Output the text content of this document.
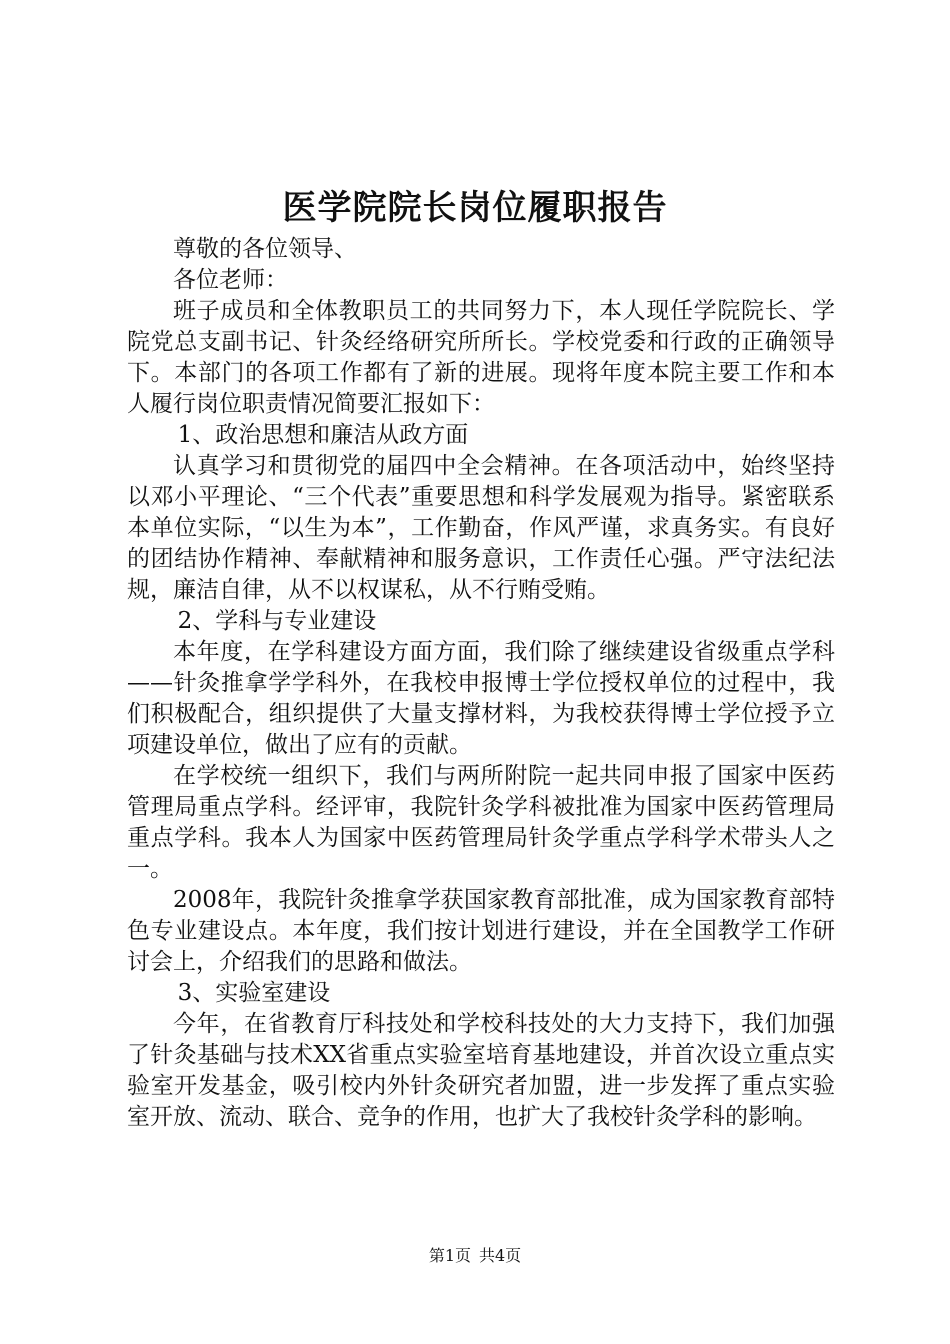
医学院院长岗位履职报告

尊敬的各位领导、

各位老师：

班子成员和全体教职员工的共同努力下，本人现任学院院长、学院党总支副书记、针灸经络研究所所长。学校党委和行政的正确领导下。本部门的各项工作都有了新的进展。现将年度本院主要工作和本人履行岗位职责情况简要汇报如下：

1、政治思想和廉洁从政方面

认真学习和贯彻党的届四中全会精神。在各项活动中，始终坚持以邓小平理论、“三个代表”重要思想和科学发展观为指导。紧密联系本单位实际，“以生为本”，工作勤奋，作风严谨，求真务实。有良好的团结协作精神、奉献精神和服务意识，工作责任心强。严守法纪法规，廉洁自律，从不以权谋私，从不行贿受贿。

2、学科与专业建设

本年度，在学科建设方面方面，我们除了继续建设省级重点学科——针灸推拿学学科外，在我校申报博士学位授权单位的过程中，我们积极配合，组织提供了大量支撑材料，为我校获得博士学位授予立项建设单位，做出了应有的贡献。

在学校统一组织下，我们与两所附院一起共同申报了国家中医药管理局重点学科。经评审，我院针灸学科被批准为国家中医药管理局重点学科。我本人为国家中医药管理局针灸学重点学科学术带头人之一。

2008年，我院针灸推拿学获国家教育部批准，成为国家教育部特色专业建设点。本年度，我们按计划进行建设，并在全国教学工作研讨会上，介绍我们的思路和做法。

3、实验室建设

今年，在省教育厅科技处和学校科技处的大力支持下，我们加强了针灸基础与技术XX省重点实验室培育基地建设，并首次设立重点实验室开发基金，吸引校内外针灸研究者加盟，进一步发挥了重点实验室开放、流动、联合、竞争的作用，也扩大了我校针灸学科的影响。

第1页 共4页
